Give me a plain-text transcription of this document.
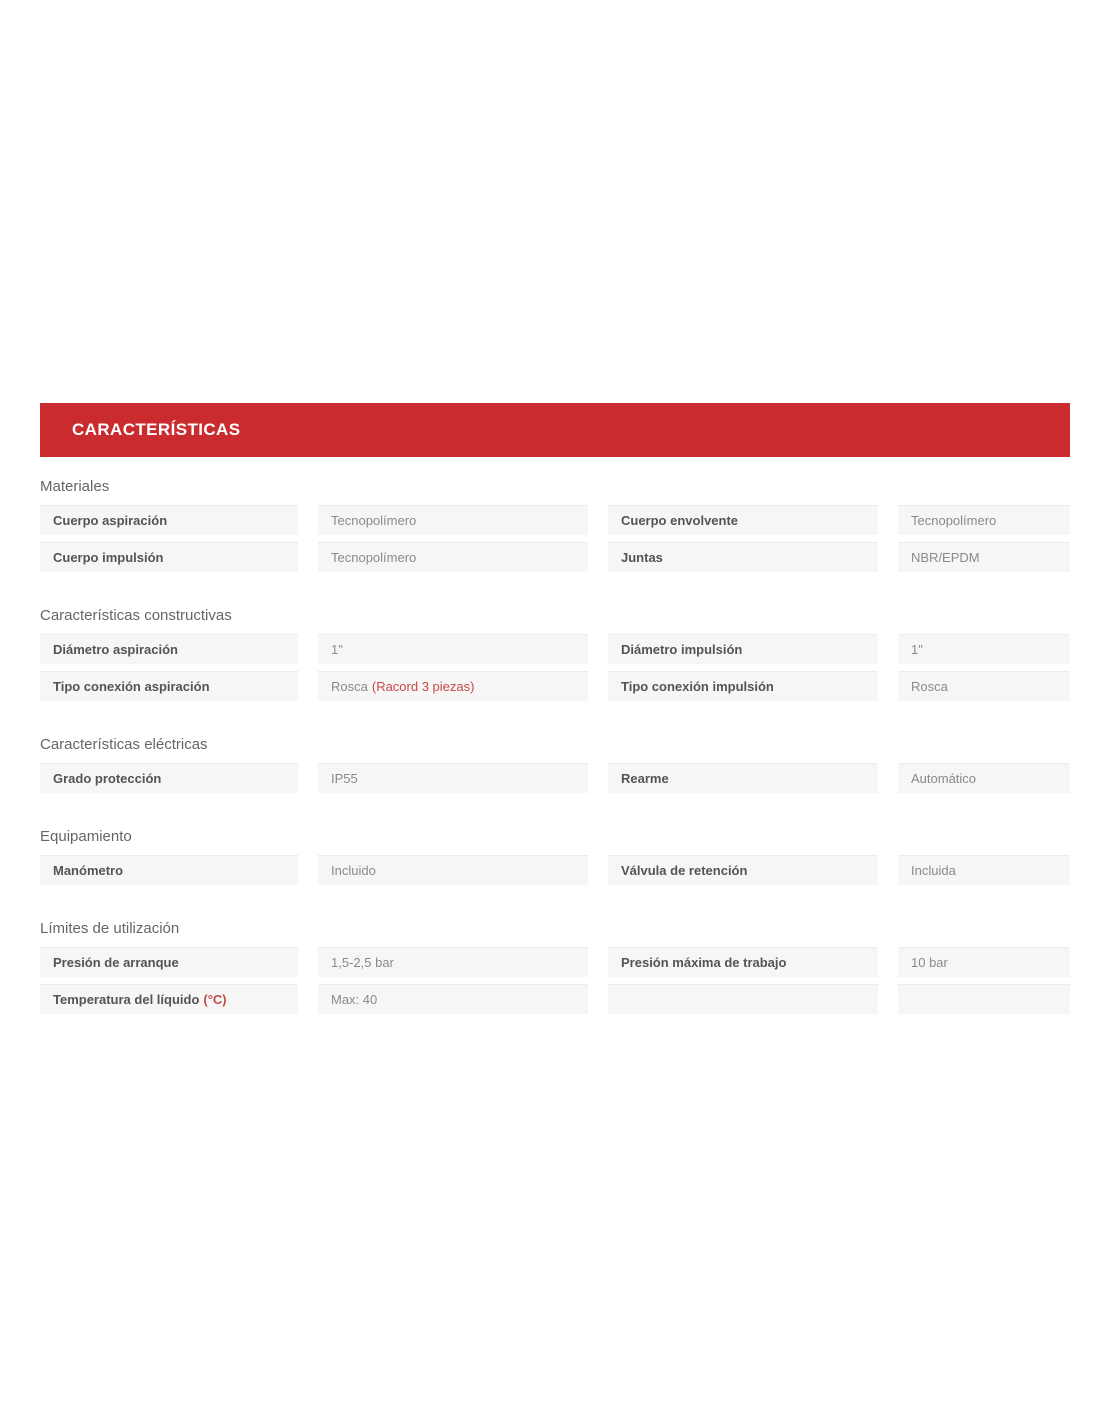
CARACTERÍSTICAS
Materiales
Cuerpo aspiración	Tecnopolímero	Cuerpo envolvente	Tecnopolímero
Cuerpo impulsión	Tecnopolímero	Juntas	NBR/EPDM
Características constructivas
Diámetro aspiración	1"	Diámetro impulsión	1"
Tipo conexión aspiración	Rosca (Racord 3 piezas)	Tipo conexión impulsión	Rosca
Características eléctricas
Grado protección	IP55	Rearme	Automático
Equipamiento
Manómetro	Incluido	Válvula de retención	Incluida
Límites de utilización
Presión de arranque	1,5-2,5 bar	Presión máxima de trabajo	10 bar
Temperatura del líquido (°C)	Max: 40
